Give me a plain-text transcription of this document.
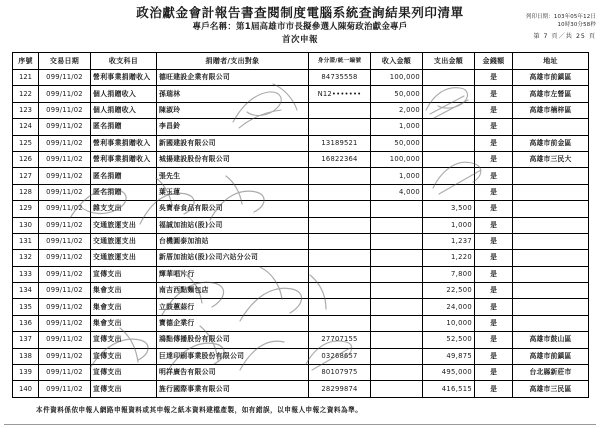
政治獻金會計報告書查閱制度電腦系統查詢結果列印清單
專戶名稱：第1屆高雄市市長擬參選人陳菊政治獻金專戶
首次申報
列印日期：103年05年12日
10時30分58秒
第 7 頁／共 25 頁
序號	交易日期	收支科目	捐贈者/支出對象	身分證/統一編號	收入金額	支出金額	金錢額	地址
121	099/11/02	營利事業捐贈收入	德旺建設企業有限公司	84735558	100,000		是	高雄市前鎮區
122	099/11/02	個人捐贈收入	孫瑞林	N12•••••••	50,000		是	高雄市左營區
123	099/11/02	個人捐贈收入	陳淑玲		2,000		是	高雄市楠梓區
124	099/11/02	匿名捐贈	李昌鈴		1,000		是	
125	099/11/02	營利事業捐贈收入	新國建設有限公司	13189521	50,000		是	高雄市前金區
126	099/11/02	營利事業捐贈收入	城揚建設股份有限公司	16822364	100,000		是	高雄市三民大
127	099/11/02	匿名捐贈	張先生		1,000		是	
128	099/11/02	匿名捐贈	葉玉蓮		4,000		是	
129	099/11/02	雜支支出	吳寶春食品有限公司			3,500	是	
130	099/11/02	交通旅運支出	福誠加油站(股)公司			1,000	是	
131	099/11/02	交通旅運支出	台機圓泰加油站			1,237	是	
132	099/11/02	交通旅運支出	新厝加油站(股)公司六站分公司			1,220	是	
133	099/11/02	宣傳支出	輝華唱片行			7,800	是	
134	099/11/02	集會支出	南吉西點麵包店			22,500	是	
135	099/11/02	集會支出	立鼓蕙蒜行			24,000	是	
136	099/11/02	集會支出	寶德企業行			10,000	是	
137	099/11/02	宣傳支出	鴻點傳播股份有限公司	27707155		52,500	是	高雄市鼓山區
138	099/11/02	宣傳支出	巨達印刷事業股份有限公司	03268657		49,875	是	高雄市前鎮區
139	099/11/02	宣傳支出	明祥廣告有限公司	80107975		495,000	是	台北縣新莊市
140	099/11/02	宣傳支出	旌行國際事業有限公司	28299874		416,515	是	高雄市三民區
本件資料係依申報人網路申報資料或其申報之紙本資料建檔產製，如有錯誤，以申報人申報之資料為準。
